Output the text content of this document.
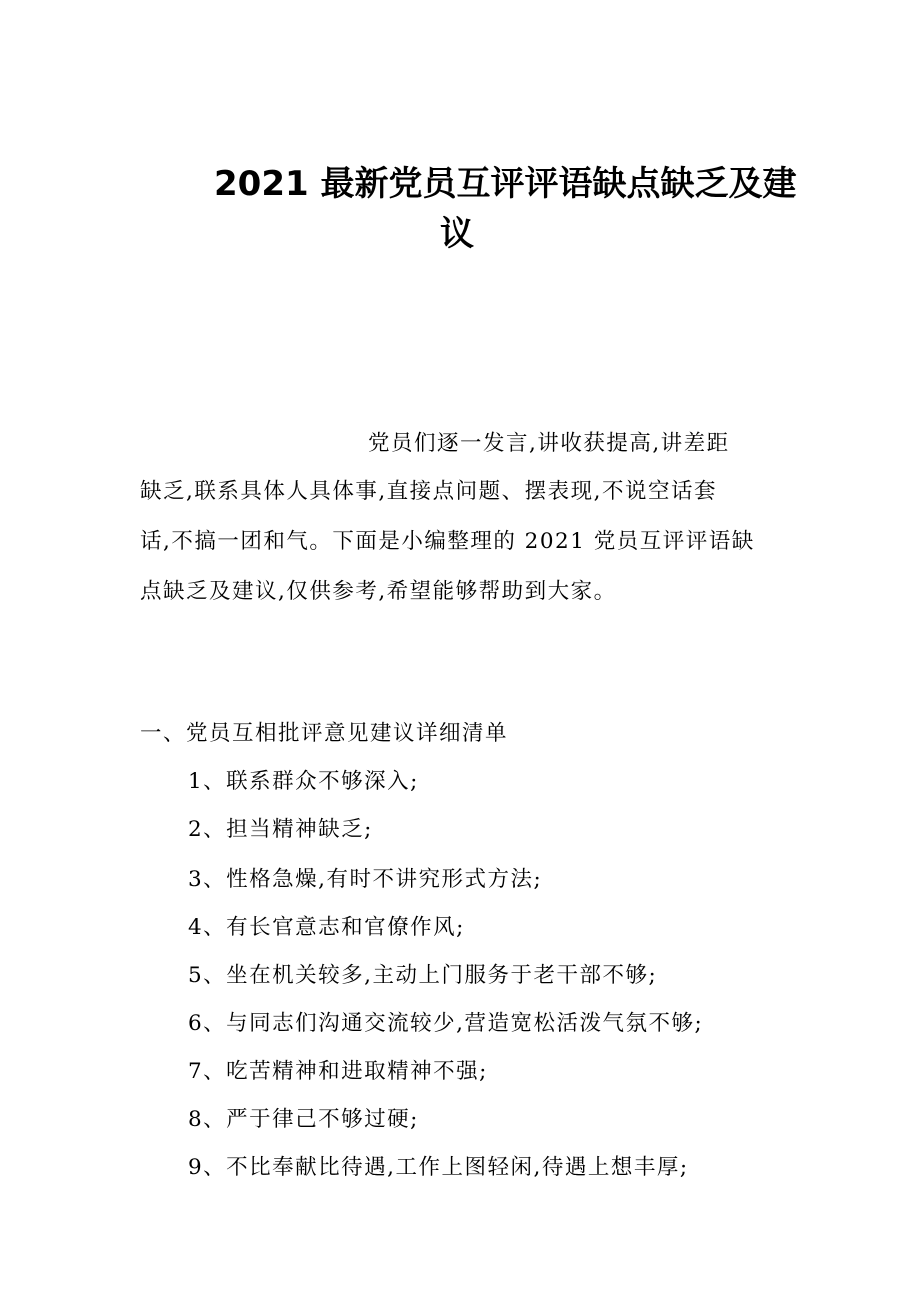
2021 最新党员互评评语缺点缺乏及建
议

党员们逐一发言,讲收获提高,讲差距

缺乏,联系具体人具体事,直接点问题、摆表现,不说空话套

话,不搞一团和气。下面是小编整理的 2021 党员互评评语缺

点缺乏及建议,仅供参考,希望能够帮助到大家。

一、党员互相批评意见建议详细清单

1、联系群众不够深入;

2、担当精神缺乏;

3、性格急燥,有时不讲究形式方法;

4、有长官意志和官僚作风;

5、坐在机关较多,主动上门服务于老干部不够;

6、与同志们沟通交流较少,营造宽松活泼气氛不够;

7、吃苦精神和进取精神不强;

8、严于律己不够过硬;

9、不比奉献比待遇,工作上图轻闲,待遇上想丰厚;
